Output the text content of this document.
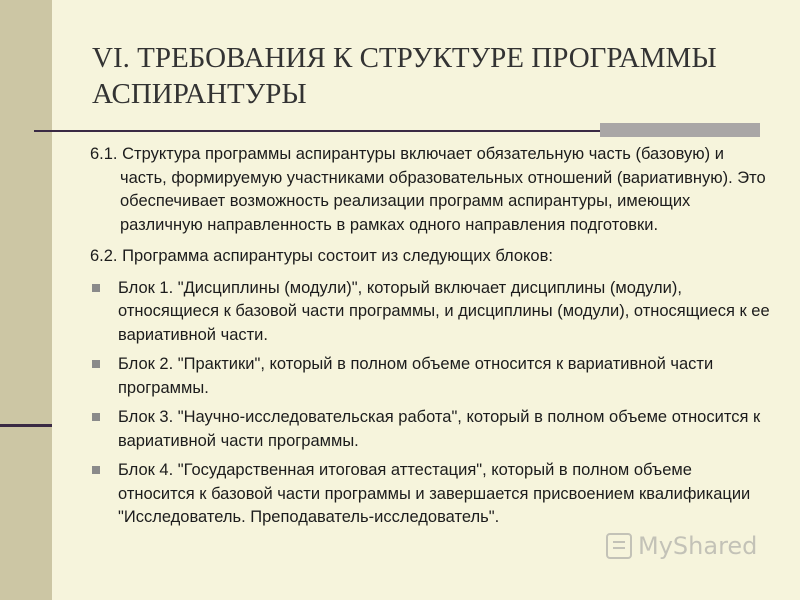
VI. ТРЕБОВАНИЯ К СТРУКТУРЕ ПРОГРАММЫ АСПИРАНТУРЫ

6.1. Структура программы аспирантуры включает обязательную часть (базовую) и часть, формируемую участниками образовательных отношений (вариативную). Это обеспечивает возможность реализации программ аспирантуры, имеющих различную направленность в рамках одного направления подготовки.

6.2. Программа аспирантуры состоит из следующих блоков:

Блок 1. "Дисциплины (модули)", который включает дисциплины (модули), относящиеся к базовой части программы, и дисциплины (модули), относящиеся к ее вариативной части.
Блок 2. "Практики", который в полном объеме относится к вариативной части программы.
Блок 3. "Научно-исследовательская работа", который в полном объеме относится к вариативной части программы.
Блок 4. "Государственная итоговая аттестация", который в полном объеме относится к базовой части программы и завершается присвоением квалификации "Исследователь. Преподаватель-исследователь".
MyShared
